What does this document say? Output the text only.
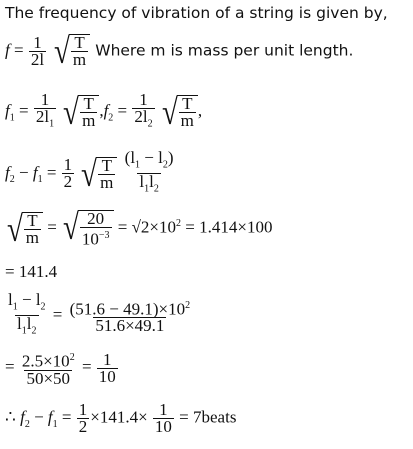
The frequency of vibration of a string is given by,
$f = \frac{1}{2l}$
√ $\frac{T}{m}$ Where m is mass per unit length.
$f_1 = \frac{1}{2l_1}$
√ $\frac{T}{m} ,f_2 = \frac{1}{2l_2}$
√ $\frac{T}{m}$ ,
$f_2 - f_1 = \frac{1}{2}$
√ $\frac{T}{m}$
$\frac{(l_1 - l_2)}{l_1l_2}$
√ $\frac{T}{m}$ = √ $\frac{20}{10^{-3}} = √2\times 10^2 = 1.414\times 100$
= 141.4
$\frac{l_1 - l_2}{l_1l_2} = \frac{(51.6 - 49.1)\times 10^2}{51.6\times 49.1}$
= $\frac{2.5\times 10^2}{50\times 50} = \frac{1}{10}$
∴ $f_2 - f_1 = \frac{1}{2} \times 141.4\times \frac{1}{10}$ = 7beats
